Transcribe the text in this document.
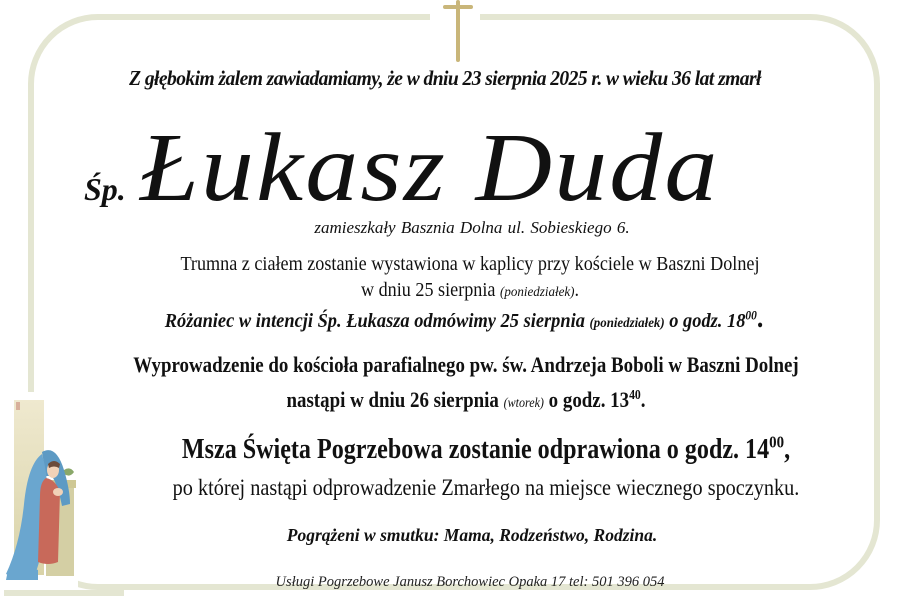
Z głębokim żalem zawiadamiamy, że w dniu 23 sierpnia 2025 r. w wieku 36 lat zmarł
Śp. Łukasz Duda
zamieszkały Basznia Dolna ul. Sobieskiego 6.
Trumna z ciałem zostanie wystawiona w kaplicy przy kościele w Baszni Dolnej
w dniu 25 sierpnia (poniedziałek).
Różaniec w intencji Śp. Łukasza odmówimy 25 sierpnia (poniedziałek) o godz. $18^{00}$.
Wyprowadzenie do kościoła parafialnego pw. św. Andrzeja Boboli w Baszni Dolnej
nastąpi w dniu 26 sierpnia (wtorek) o godz. $13^{40}$.
Msza Święta Pogrzebowa zostanie odprawiona o godz. $14^{00}$,
po której nastąpi odprowadzenie Zmarłego na miejsce wiecznego spoczynku.
Pogrążeni w smutku: Mama, Rodzeństwo, Rodzina.
Usługi Pogrzebowe Janusz Borchowiec Opaka 17 tel: 501 396 054
